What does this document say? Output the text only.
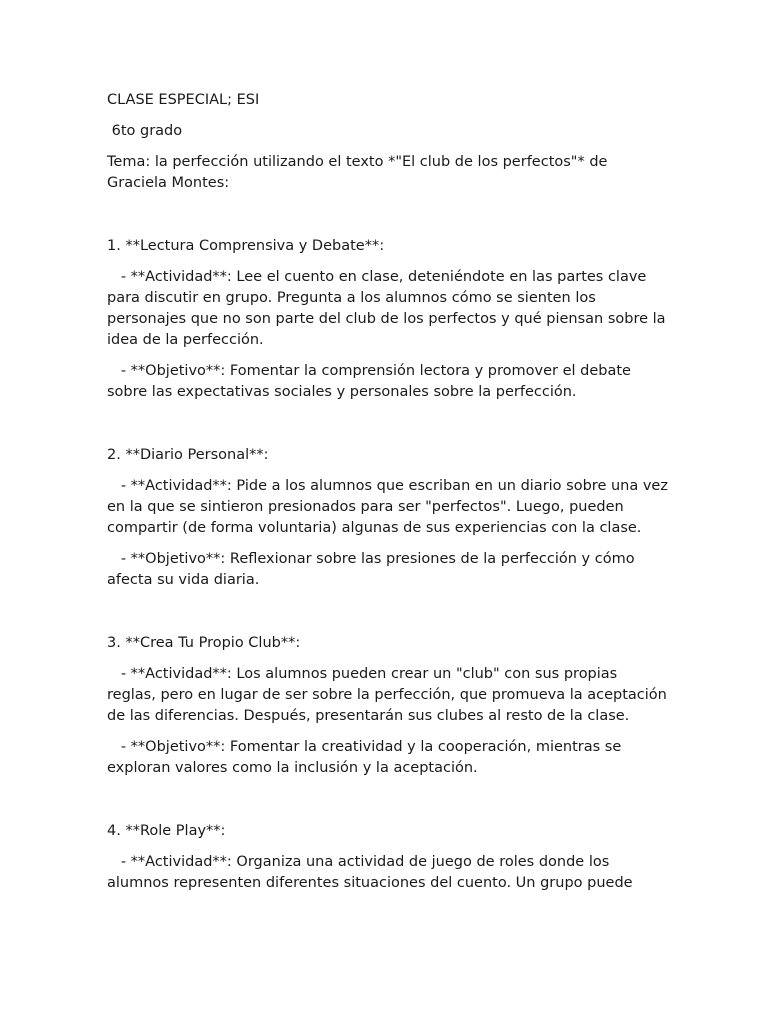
CLASE ESPECIAL; ESI
6to grado
Tema: la perfección utilizando el texto *"El club de los perfectos"* de Graciela Montes:
1. **Lectura Comprensiva y Debate**:
- **Actividad**: Lee el cuento en clase, deteniéndote en las partes clave para discutir en grupo. Pregunta a los alumnos cómo se sienten los personajes que no son parte del club de los perfectos y qué piensan sobre la idea de la perfección.
- **Objetivo**: Fomentar la comprensión lectora y promover el debate sobre las expectativas sociales y personales sobre la perfección.
2. **Diario Personal**:
- **Actividad**: Pide a los alumnos que escriban en un diario sobre una vez en la que se sintieron presionados para ser "perfectos". Luego, pueden compartir (de forma voluntaria) algunas de sus experiencias con la clase.
- **Objetivo**: Reflexionar sobre las presiones de la perfección y cómo afecta su vida diaria.
3. **Crea Tu Propio Club**:
- **Actividad**: Los alumnos pueden crear un "club" con sus propias reglas, pero en lugar de ser sobre la perfección, que promueva la aceptación de las diferencias. Después, presentarán sus clubes al resto de la clase.
- **Objetivo**: Fomentar la creatividad y la cooperación, mientras se exploran valores como la inclusión y la aceptación.
4. **Role Play**:
- **Actividad**: Organiza una actividad de juego de roles donde los alumnos representen diferentes situaciones del cuento. Un grupo puede
